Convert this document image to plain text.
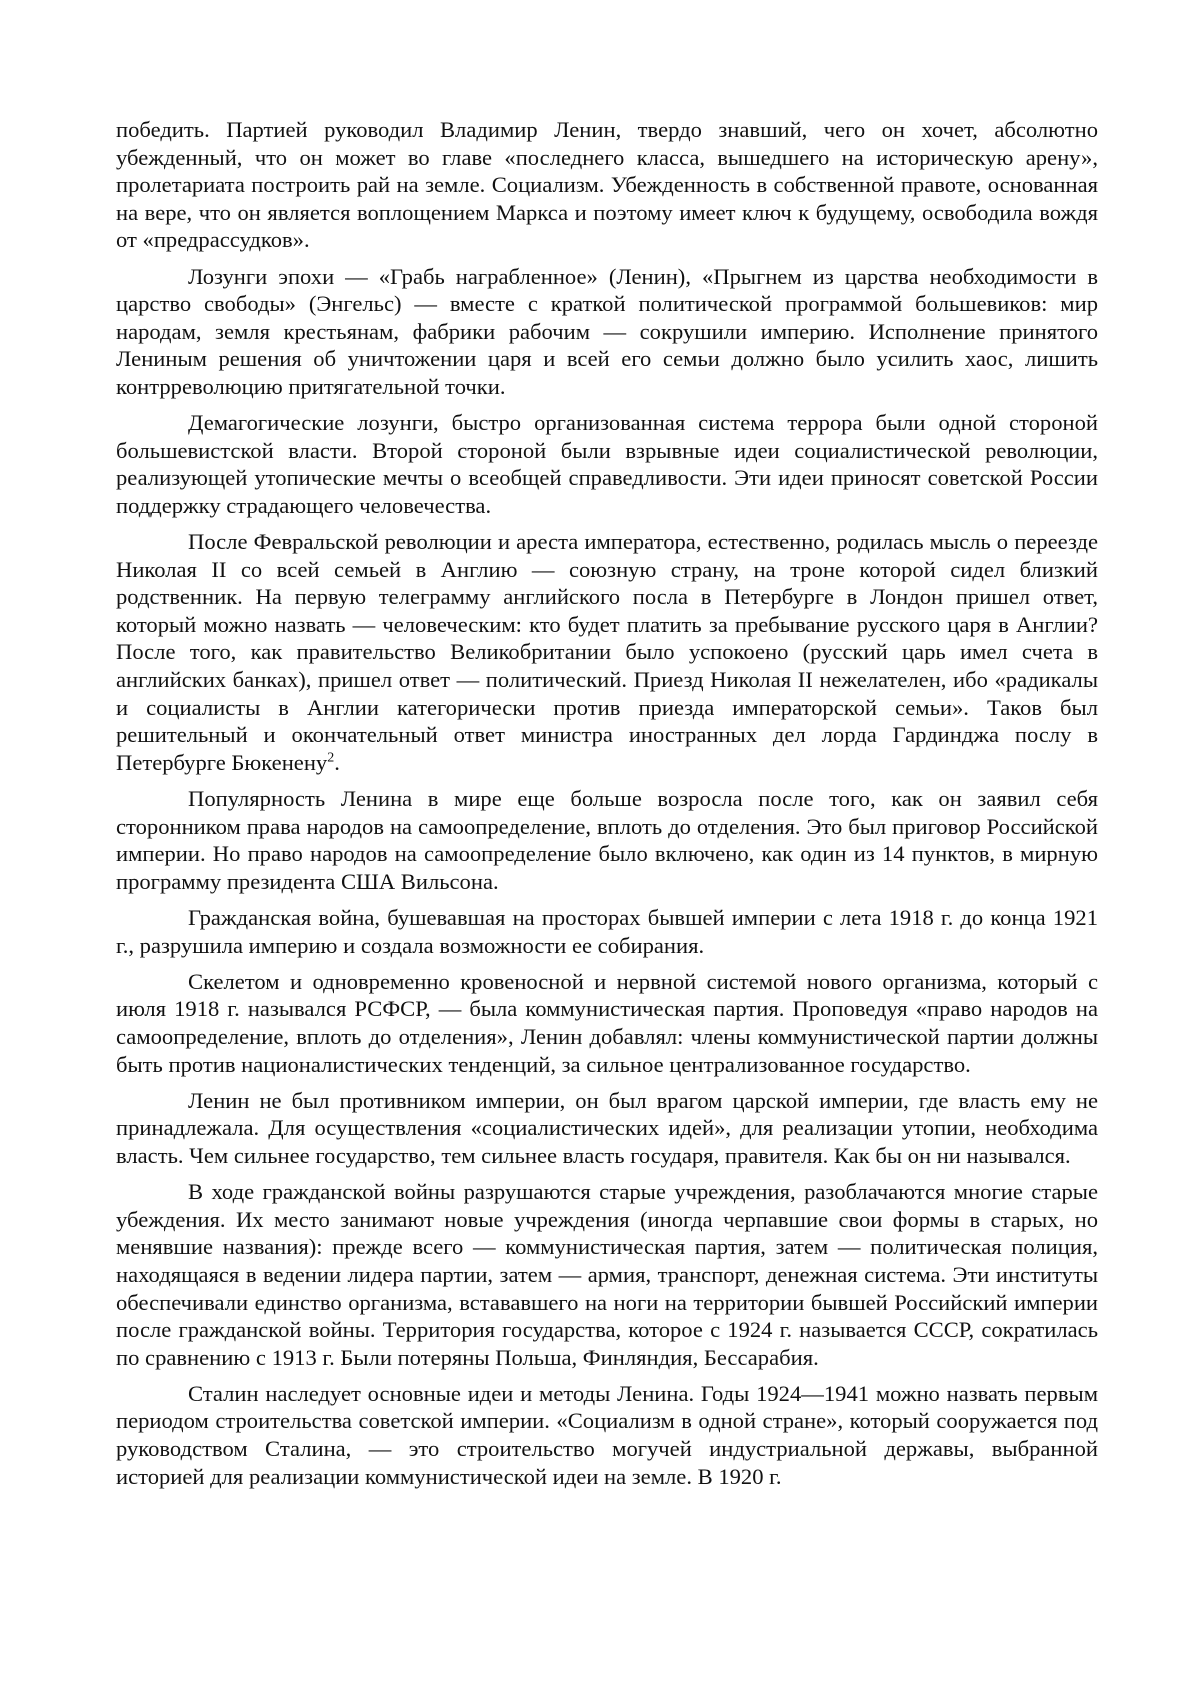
победить. Партией руководил Владимир Ленин, твердо знавший, чего он хочет, абсолютно убежденный, что он может во главе «последнего класса, вышедшего на историческую арену», пролетариата построить рай на земле. Социализм. Убежденность в собственной правоте, основанная на вере, что он является воплощением Маркса и поэтому имеет ключ к будущему, освободила вождя от «предрассудков».

Лозунги эпохи — «Грабь награбленное» (Ленин), «Прыгнем из царства необходимости в царство свободы» (Энгельс) — вместе с краткой политической программой большевиков: мир народам, земля крестьянам, фабрики рабочим — сокрушили империю. Исполнение принятого Лениным решения об уничтожении царя и всей его семьи должно было усилить хаос, лишить контрреволюцию притягательной точки.

Демагогические лозунги, быстро организованная система террора были одной стороной большевистской власти. Второй стороной были взрывные идеи социалистической революции, реализующей утопические мечты о всеобщей справедливости. Эти идеи приносят советской России поддержку страдающего человечества.

После Февральской революции и ареста императора, естественно, родилась мысль о переезде Николая II со всей семьей в Англию — союзную страну, на троне которой сидел близкий родственник. На первую телеграмму английского посла в Петербурге в Лондон пришел ответ, который можно назвать — человеческим: кто будет платить за пребывание русского царя в Англии? После того, как правительство Великобритании было успокоено (русский царь имел счета в английских банках), пришел ответ — политический. Приезд Николая II нежелателен, ибо «радикалы и социалисты в Англии категорически против приезда императорской семьи». Таков был решительный и окончательный ответ министра иностранных дел лорда Гардинджа послу в Петербурге Бюкенену$^2$.

Популярность Ленина в мире еще больше возросла после того, как он заявил себя сторонником права народов на самоопределение, вплоть до отделения. Это был приговор Российской империи. Но право народов на самоопределение было включено, как один из 14 пунктов, в мирную программу президента США Вильсона.

Гражданская война, бушевавшая на просторах бывшей империи с лета 1918 г. до конца 1921 г., разрушила империю и создала возможности ее собирания.

Скелетом и одновременно кровеносной и нервной системой нового организма, который с июля 1918 г. назывался РСФСР, — была коммунистическая партия. Проповедуя «право народов на самоопределение, вплоть до отделения», Ленин добавлял: члены коммунистической партии должны быть против националистических тенденций, за сильное централизованное государство.

Ленин не был противником империи, он был врагом царской империи, где власть ему не принадлежала. Для осуществления «социалистических идей», для реализации утопии, необходима власть. Чем сильнее государство, тем сильнее власть государя, правителя. Как бы он ни назывался.

В ходе гражданской войны разрушаются старые учреждения, разоблачаются многие старые убеждения. Их место занимают новые учреждения (иногда черпавшие свои формы в старых, но менявшие названия): прежде всего — коммунистическая партия, затем — политическая полиция, находящаяся в ведении лидера партии, затем — армия, транспорт, денежная система. Эти институты обеспечивали единство организма, встававшего на ноги на территории бывшей Российский империи после гражданской войны. Территория государства, которое с 1924 г. называется СССР, сократилась по сравнению с 1913 г. Были потеряны Польша, Финляндия, Бессарабия.

Сталин наследует основные идеи и методы Ленина. Годы 1924—1941 можно назвать первым периодом строительства советской империи. «Социализм в одной стране», который сооружается под руководством Сталина, — это строительство могучей индустриальной державы, выбранной историей для реализации коммунистической идеи на земле. В 1920 г.
